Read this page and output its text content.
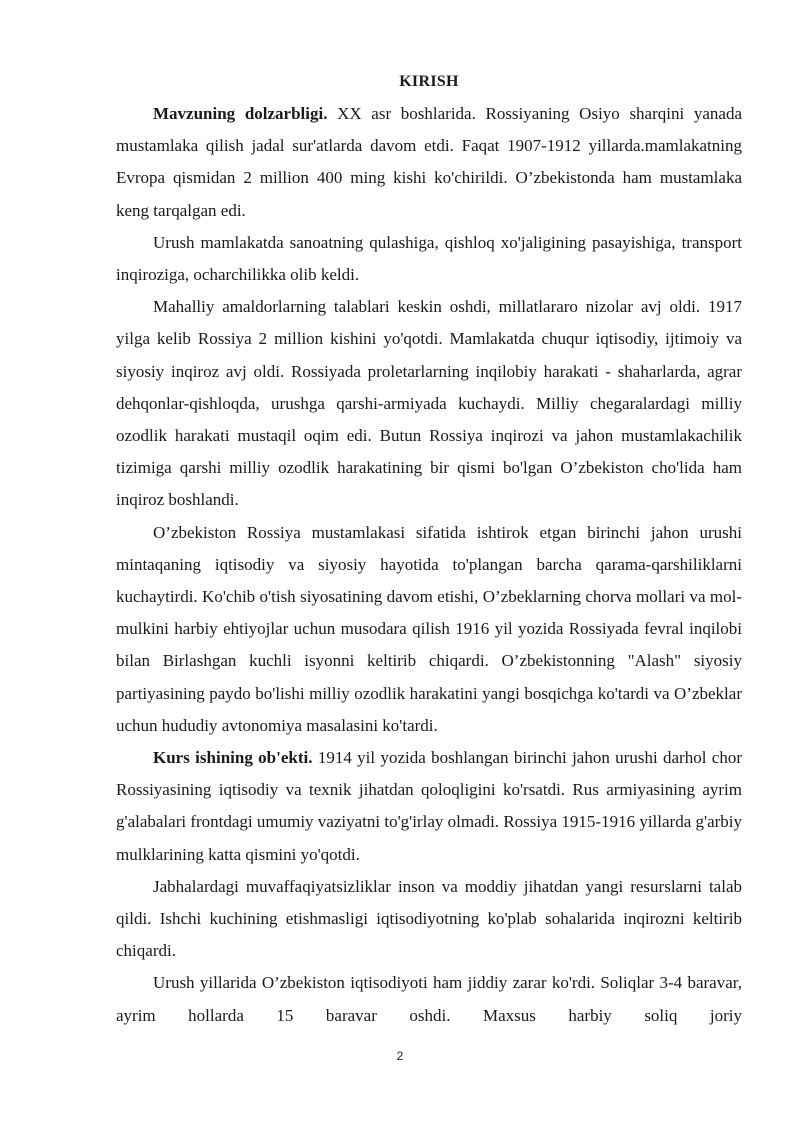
KIRISH

Mavzuning dolzarbligi. XX asr boshlarida. Rossiyaning Osiyo sharqini yanada mustamlaka qilish jadal sur'atlarda davom etdi. Faqat 1907-1912 yillarda.mamlakatning Evropa qismidan 2 million 400 ming kishi ko'chirildi. O’zbekistonda ham mustamlaka keng tarqalgan edi.

Urush mamlakatda sanoatning qulashiga, qishloq xo'jaligining pasayishiga, transport inqiroziga, ocharchilikka olib keldi.

Mahalliy amaldorlarning talablari keskin oshdi, millatlararo nizolar avj oldi. 1917 yilga kelib Rossiya 2 million kishini yo'qotdi. Mamlakatda chuqur iqtisodiy, ijtimoiy va siyosiy inqiroz avj oldi. Rossiyada proletarlarning inqilobiy harakati - shaharlarda, agrar dehqonlar-qishloqda, urushga qarshi-armiyada kuchaydi. Milliy chegaralardagi milliy ozodlik harakati mustaqil oqim edi. Butun Rossiya inqirozi va jahon mustamlakachilik tizimiga qarshi milliy ozodlik harakatining bir qismi bo'lgan O’zbekiston cho'lida ham inqiroz boshlandi.

O’zbekiston Rossiya mustamlakasi sifatida ishtirok etgan birinchi jahon urushi mintaqaning iqtisodiy va siyosiy hayotida to'plangan barcha qarama-qarshiliklarni kuchaytirdi. Ko'chib o'tish siyosatining davom etishi, O’zbeklarning chorva mollari va mol-mulkini harbiy ehtiyojlar uchun musodara qilish 1916 yil yozida Rossiyada fevral inqilobi bilan Birlashgan kuchli isyonni keltirib chiqardi. O’zbekistonning "Alash" siyosiy partiyasining paydo bo'lishi milliy ozodlik harakatini yangi bosqichga ko'tardi va O’zbeklar uchun hududiy avtonomiya masalasini ko'tardi.

Kurs ishining ob'ekti. 1914 yil yozida boshlangan birinchi jahon urushi darhol chor Rossiyasining iqtisodiy va texnik jihatdan qoloqligini ko'rsatdi. Rus armiyasining ayrim g'alabalari frontdagi umumiy vaziyatni to'g'irlay olmadi. Rossiya 1915-1916 yillarda g'arbiy mulklarining katta qismini yo'qotdi.

Jabhalardagi muvaffaqiyatsizliklar inson va moddiy jihatdan yangi resurslarni talab qildi. Ishchi kuchining etishmasligi iqtisodiyotning ko'plab sohalarida inqirozni keltirib chiqardi.

Urush yillarida O’zbekiston iqtisodiyoti ham jiddiy zarar ko'rdi. Soliqlar 3-4 baravar, ayrim hollarda 15 baravar oshdi. Maxsus harbiy soliq joriy

2
